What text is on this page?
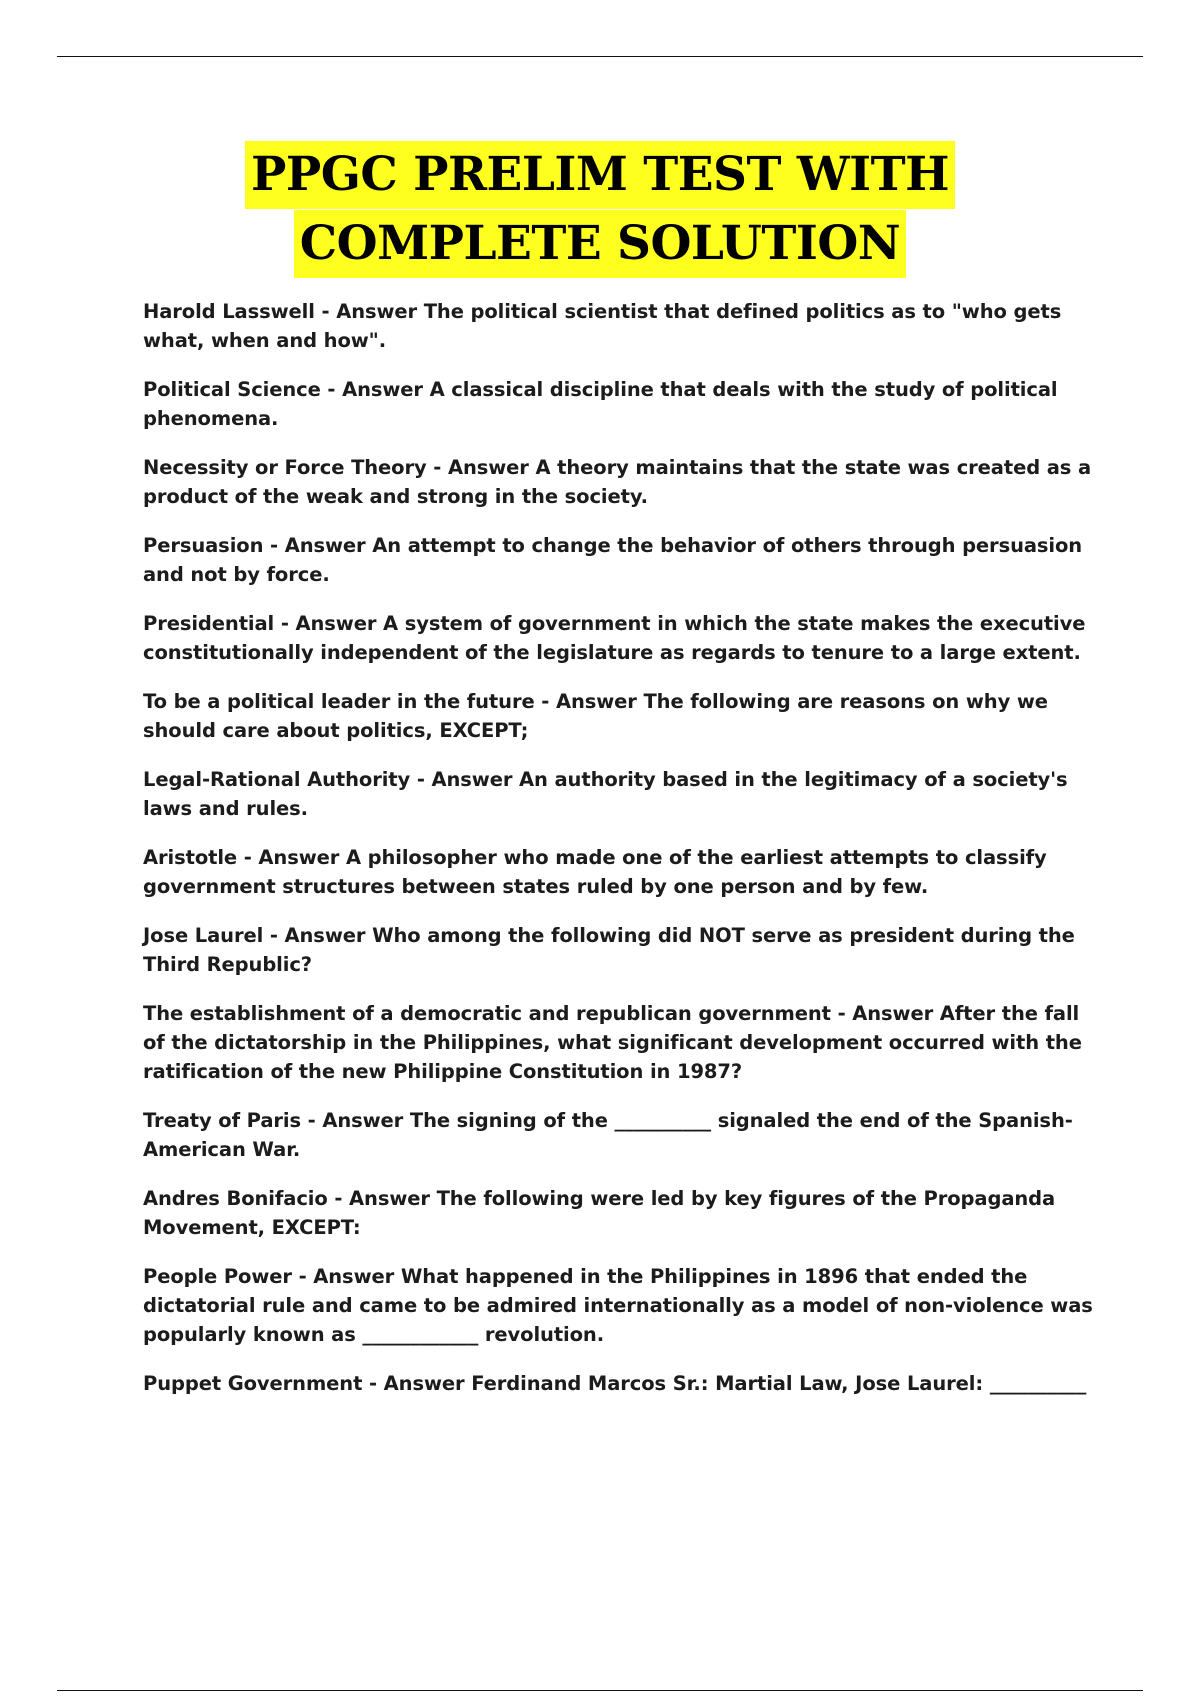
PPGC PRELIM TEST WITH
COMPLETE SOLUTION
Harold Lasswell - Answer The political scientist that defined politics as to "who gets what, when and how".
Political Science - Answer A classical discipline that deals with the study of political phenomena.
Necessity or Force Theory - Answer A theory maintains that the state was created as a product of the weak and strong in the society.
Persuasion - Answer An attempt to change the behavior of others through persuasion and not by force.
Presidential - Answer A system of government in which the state makes the executive constitutionally independent of the legislature as regards to tenure to a large extent.
To be a political leader in the future - Answer The following are reasons on why we should care about politics, EXCEPT;
Legal-Rational Authority - Answer An authority based in the legitimacy of a society's laws and rules.
Aristotle - Answer A philosopher who made one of the earliest attempts to classify government structures between states ruled by one person and by few.
Jose Laurel - Answer Who among the following did NOT serve as president during the Third Republic?
The establishment of a democratic and republican government - Answer After the fall of the dictatorship in the Philippines, what significant development occurred with the ratification of the new Philippine Constitution in 1987?
Treaty of Paris - Answer The signing of the __________ signaled the end of the Spanish-American War.
Andres Bonifacio - Answer The following were led by key figures of the Propaganda Movement, EXCEPT:
People Power - Answer What happened in the Philippines in 1896 that ended the dictatorial rule and came to be admired internationally as a model of non-violence was popularly known as ____________ revolution.
Puppet Government - Answer Ferdinand Marcos Sr.: Martial Law, Jose Laurel: __________
